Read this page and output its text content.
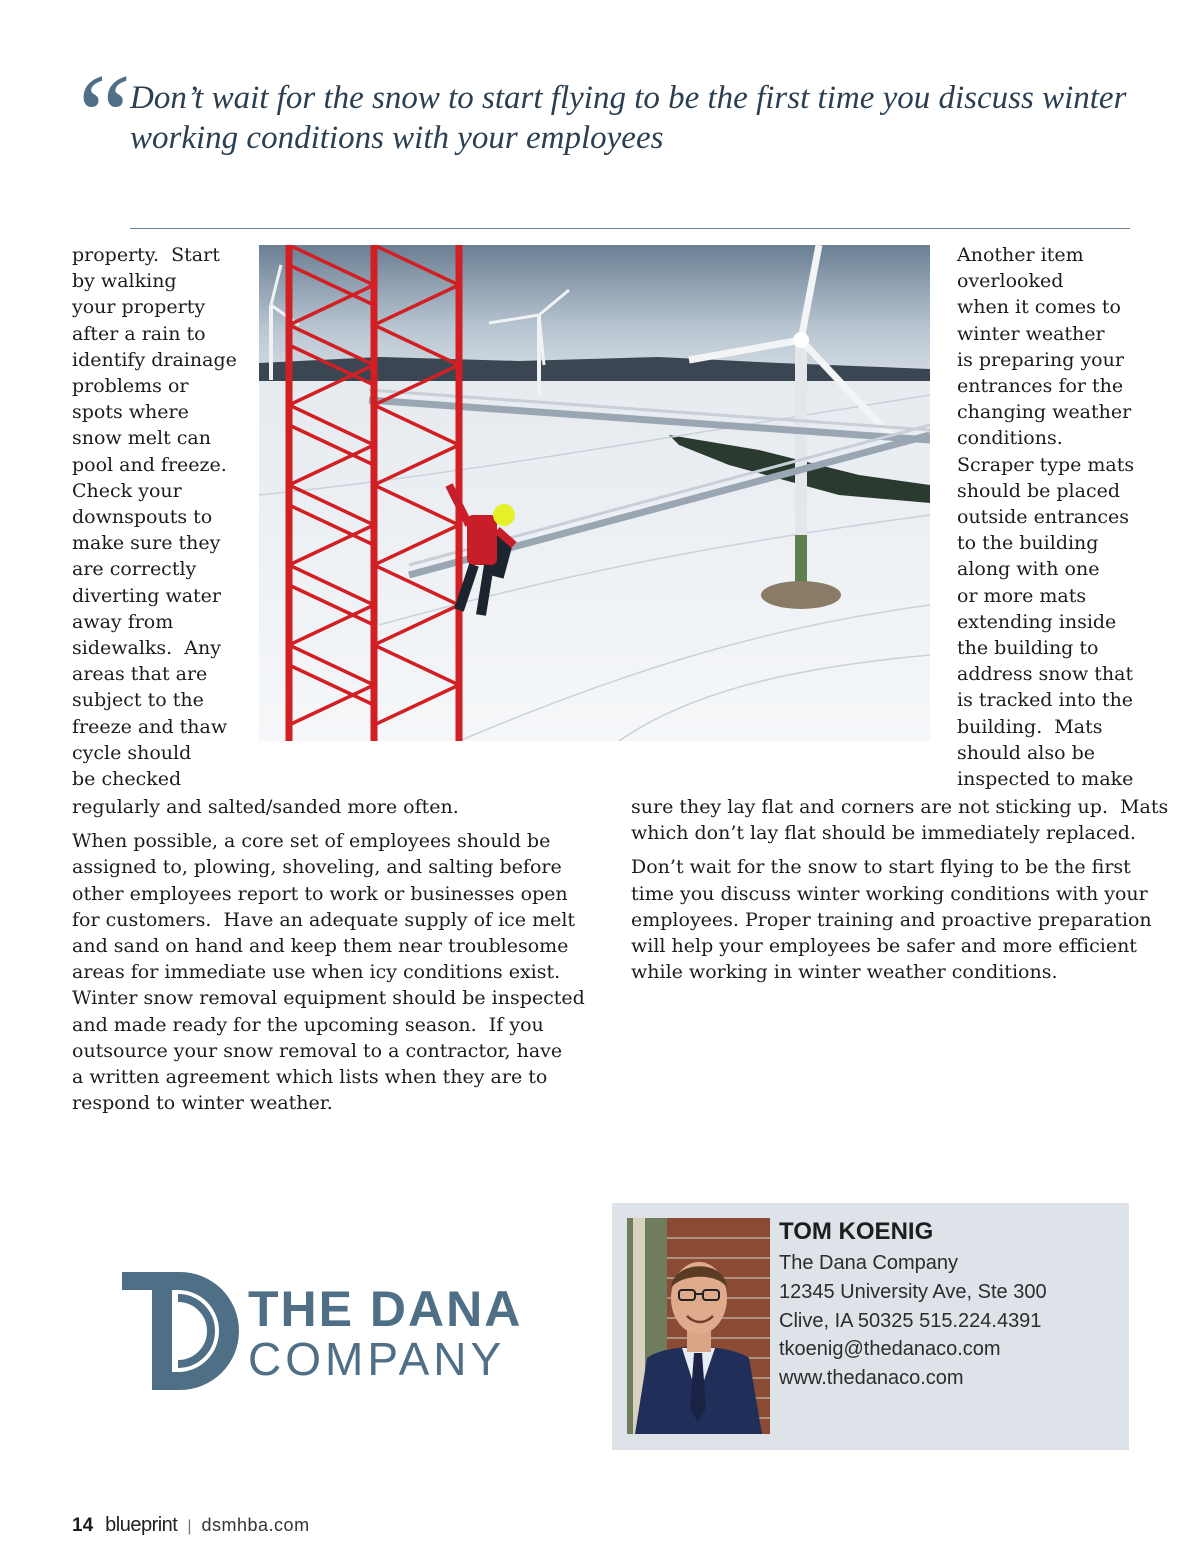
“

Don’t wait for the snow to start flying to be the first time you discuss winter working conditions with your employees

property.  Start
by walking
your property
after a rain to
identify drainage
problems or
spots where
snow melt can
pool and freeze.
Check your
downspouts to
make sure they
are correctly
diverting water
away from
sidewalks.  Any
areas that are
subject to the
freeze and thaw
cycle should
be checked
Another item
overlooked
when it comes to
winter weather
is preparing your
entrances for the
changing weather
conditions.
Scraper type mats
should be placed
outside entrances
to the building
along with one
or more mats
extending inside
the building to
address snow that
is tracked into the
building.  Mats
should also be
inspected to make

regularly and salted/sanded more often.

When possible, a core set of employees should be
assigned to, plowing, shoveling, and salting before
other employees report to work or businesses open
for customers.  Have an adequate supply of ice melt
and sand on hand and keep them near troublesome
areas for immediate use when icy conditions exist.
Winter snow removal equipment should be inspected
and made ready for the upcoming season.  If you
outsource your snow removal to a contractor, have
a written agreement which lists when they are to
respond to winter weather.

sure they lay flat and corners are not sticking up.  Mats
which don’t lay flat should be immediately replaced.

Don’t wait for the snow to start flying to be the first
time you discuss winter working conditions with your
employees. Proper training and proactive preparation
will help your employees be safer and more efficient
while working in winter weather conditions.

THE DANA
COMPANY
TOM KOENIG
The Dana Company
12345 University Ave, Ste 300
Clive, IA 50325 515.224.4391
tkoenig@thedanaco.com
www.thedanaco.com
14 blueprint | dsmhba.com
